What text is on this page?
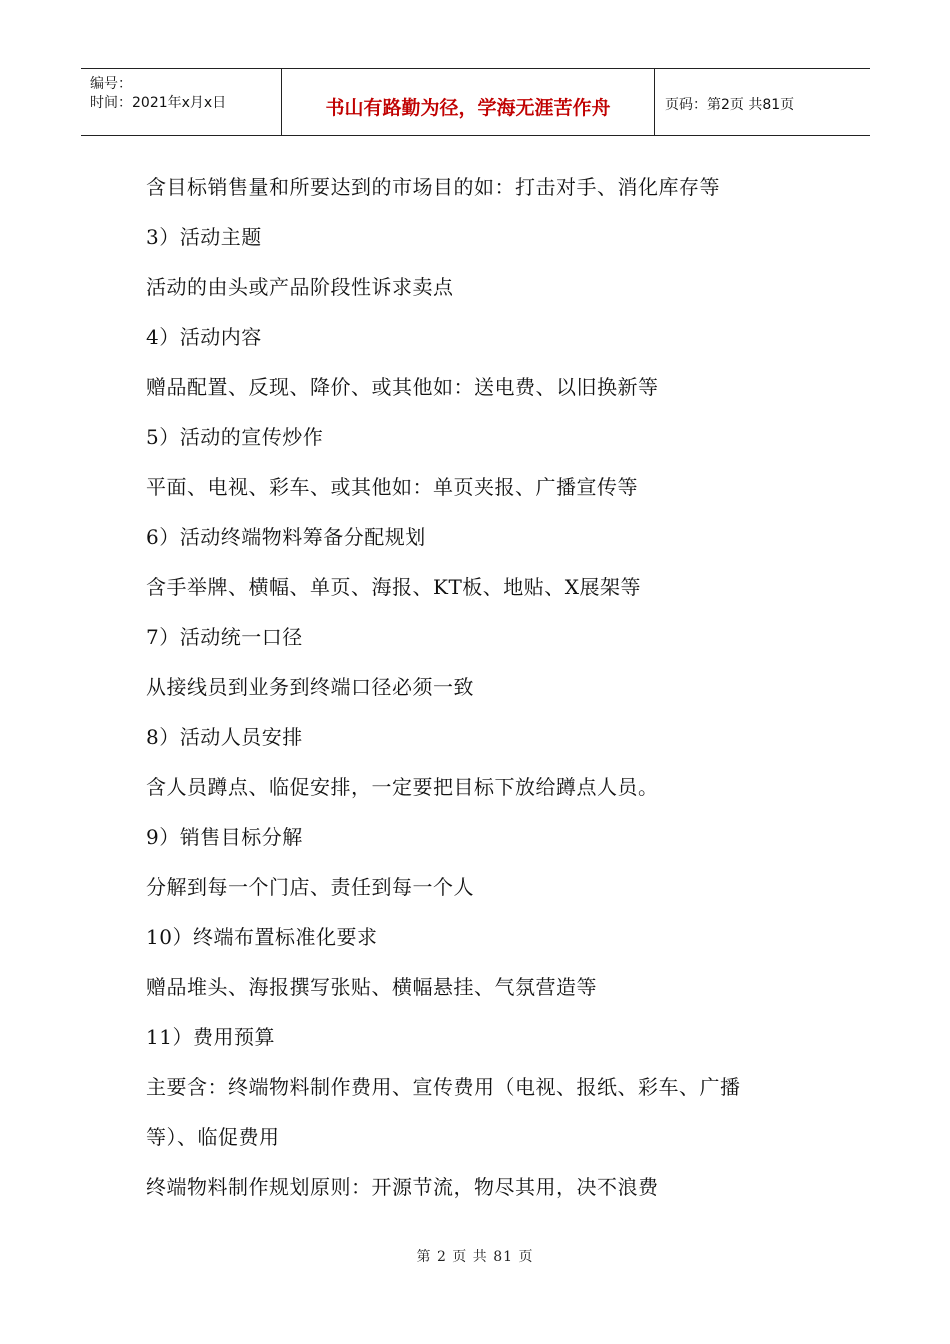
编号：
时间：2021年x月x日	书山有路勤为径，学海无涯苦作舟	页码：第2页 共81页
含目标销售量和所要达到的市场目的如：打击对手、消化库存等
3）活动主题
活动的由头或产品阶段性诉求卖点
4）活动内容
赠品配置、反现、降价、或其他如：送电费、以旧换新等
5）活动的宣传炒作
平面、电视、彩车、或其他如：单页夹报、广播宣传等
6）活动终端物料筹备分配规划
含手举牌、横幅、单页、海报、KT板、地贴、X展架等
7）活动统一口径
从接线员到业务到终端口径必须一致
8）活动人员安排
含人员蹲点、临促安排，一定要把目标下放给蹲点人员。
9）销售目标分解
分解到每一个门店、责任到每一个人
10）终端布置标准化要求
赠品堆头、海报撰写张贴、横幅悬挂、气氛营造等
11）费用预算
主要含：终端物料制作费用、宣传费用（电视、报纸、彩车、广播
等）、临促费用
终端物料制作规划原则：开源节流，物尽其用，决不浪费
第 2 页 共 81 页
